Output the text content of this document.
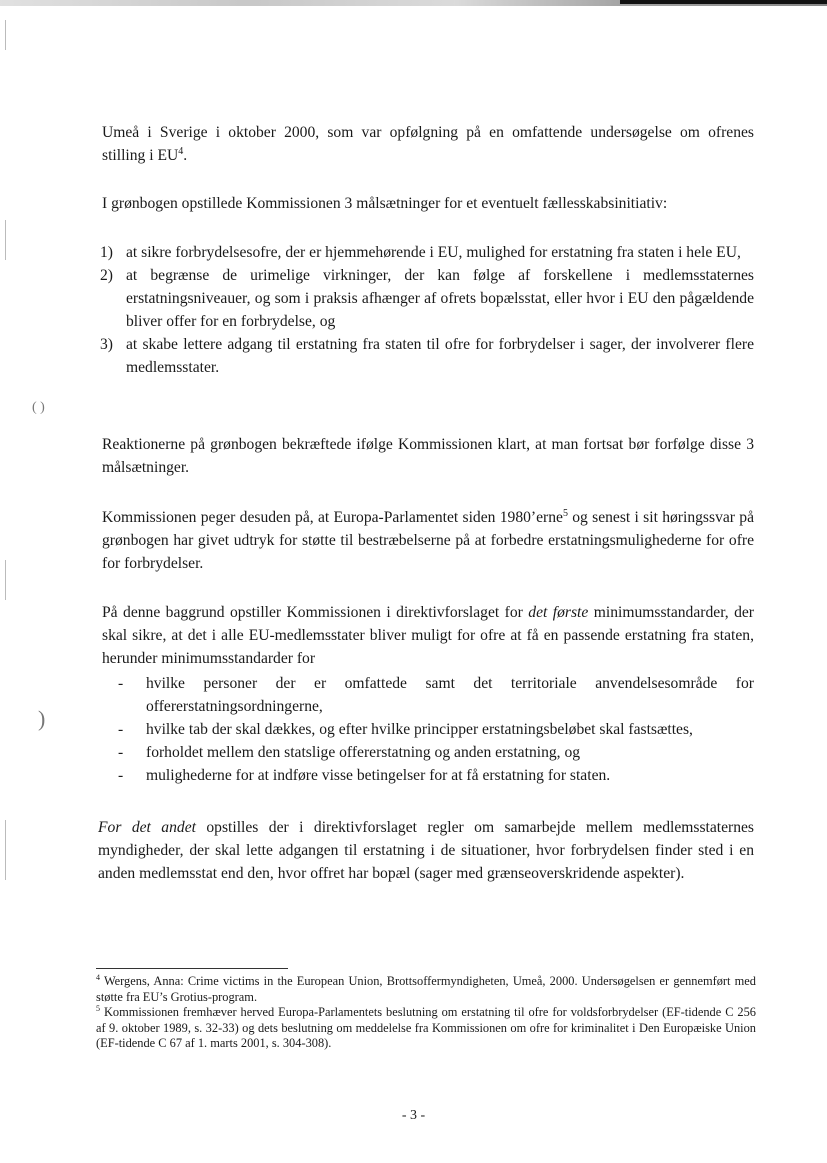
( )
)
Umeå i Sverige i oktober 2000, som var opfølgning på en omfattende undersøgelse om ofrenes
stilling i $EU^4$.
I grønbogen opstillede Kommissionen 3 målsætninger for et eventuelt fællesskabsinitiativ:
1) at sikre forbrydelsesofre, der er hjemmehørende i EU, mulighed for erstatning fra staten i hele EU,
2) at begrænse de urimelige virkninger, der kan følge af forskellene i medlemsstaternes erstatningsniveauer, og som i praksis afhænger af ofrets bopælsstat, eller hvor i EU den pågældende bliver offer for en forbrydelse, og
3) at skabe lettere adgang til erstatning fra staten til ofre for forbrydelser i sager, der involverer flere medlemsstater.
Reaktionerne på grønbogen bekræftede ifølge Kommissionen klart, at man fortsat bør forfølge disse 3 målsætninger.
Kommissionen peger desuden på, at Europa-Parlamentet siden 1980’erne$^5$ og senest i sit høringssvar på grønbogen har givet udtryk for støtte til bestræbelserne på at forbedre erstatningsmulighederne for ofre for forbrydelser.
På denne baggrund opstiller Kommissionen i direktivforslaget for det første minimumsstandarder, der skal sikre, at det i alle EU-medlemsstater bliver muligt for ofre at få en passende erstatning fra staten, herunder minimumsstandarder for
-	hvilke personer der er omfattede samt det territoriale anvendelsesområde for offererstatningsordningerne,
-	hvilke tab der skal dækkes, og efter hvilke principper erstatningsbeløbet skal fastsættes,
-	forholdet mellem den statslige offererstatning og anden erstatning, og
-	mulighederne for at indføre visse betingelser for at få erstatning for staten.
For det andet opstilles der i direktivforslaget regler om samarbejde mellem medlemsstaternes myndigheder, der skal lette adgangen til erstatning i de situationer, hvor forbrydelsen finder sted i en anden medlemsstat end den, hvor offret har bopæl (sager med grænseoverskridende aspekter).
$^4$ Wergens, Anna: Crime victims in the European Union, Brottsoffermyndigheten, Umeå, 2000. Undersøgelsen er gennemført med støtte fra EU’s Grotius-program.
$^5$ Kommissionen fremhæver herved Europa-Parlamentets beslutning om erstatning til ofre for voldsforbrydelser (EF-tidende C 256 af 9. oktober 1989, s. 32-33) og dets beslutning om meddelelse fra Kommissionen om ofre for kriminalitet i Den Europæiske Union (EF-tidende C 67 af 1. marts 2001, s. 304-308).
- 3 -
